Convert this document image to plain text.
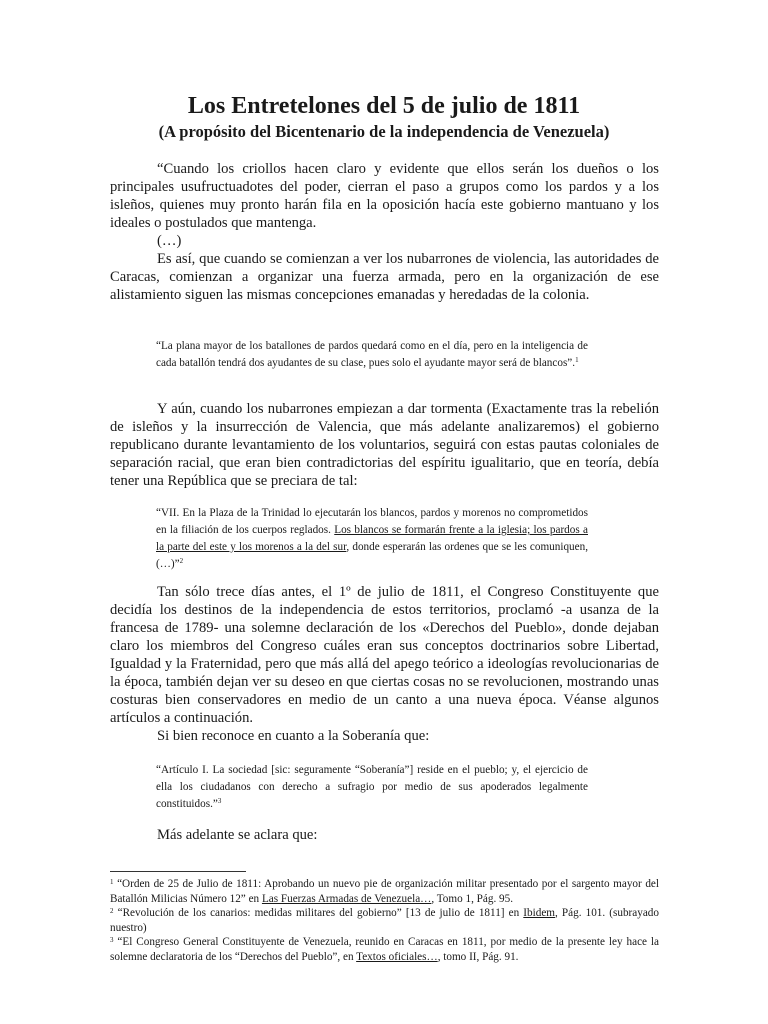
Los Entretelones del 5 de julio de 1811
(A propósito del Bicentenario de la independencia de Venezuela)

“Cuando los criollos hacen claro y evidente que ellos serán los dueños o los principales usufructuadotes del poder, cierran el paso a grupos como los pardos y a los isleños, quienes muy pronto harán fila en la oposición hacía este gobierno mantuano y los ideales o postulados que mantenga.

(…)

Es así, que cuando se comienzan a ver los nubarrones de violencia, las autoridades de Caracas, comienzan a organizar una fuerza armada, pero en la organización de ese alistamiento siguen las mismas concepciones emanadas y heredadas de la colonia.

“La plana mayor de los batallones de pardos quedará como en el día, pero en la inteligencia de cada batallón tendrá dos ayudantes de su clase, pues solo el ayudante mayor será de blancos”.$^1$

Y aún, cuando los nubarrones empiezan a dar tormenta (Exactamente tras la rebelión de isleños y la insurrección de Valencia, que más adelante analizaremos) el gobierno republicano durante levantamiento de los voluntarios, seguirá con estas pautas coloniales de separación racial, que eran bien contradictorias del espíritu igualitario, que en teoría, debía tener una República que se preciara de tal:

“VII. En la Plaza de la Trinidad lo ejecutarán los blancos, pardos y morenos no comprometidos en la filiación de los cuerpos reglados. Los blancos se formarán frente a la iglesia; los pardos a la parte del este y los morenos a la del sur, donde esperarán las ordenes que se les comuniquen,(…)”$^2$

Tan sólo trece días antes, el 1º de julio de 1811, el Congreso Constituyente que decidía los destinos de la independencia de estos territorios, proclamó -a usanza de la francesa de 1789- una solemne declaración de los «Derechos del Pueblo», donde dejaban claro los miembros del Congreso cuáles eran sus conceptos doctrinarios sobre Libertad, Igualdad y la Fraternidad, pero que más allá del apego teórico a ideologías revolucionarias de la época, también dejan ver su deseo en que ciertas cosas no se revolucionen, mostrando unas costuras bien conservadores en medio de un canto a una nueva época. Véanse algunos artículos a continuación.

Si bien reconoce en cuanto a la Soberanía que:

“Artículo I. La sociedad [sic: seguramente “Soberanía”] reside en el pueblo; y, el ejercicio de ella los ciudadanos con derecho a sufragio por medio de sus apoderados legalmente constituidos.”$^3$

Más adelante se aclara que:

$^1$ “Orden de 25 de Julio de 1811: Aprobando un nuevo pie de organización militar presentado por el sargento mayor del Batallón Milicias Número 12” en Las Fuerzas Armadas de Venezuela…, Tomo 1, Pág. 95.

$^2$ “Revolución de los canarios: medidas militares del gobierno” [13 de julio de 1811] en Ibidem, Pág. 101. (subrayado nuestro)

$^3$ “El Congreso General Constituyente de Venezuela, reunido en Caracas en 1811, por medio de la presente ley hace la solemne declaratoria de los “Derechos del Pueblo”, en Textos oficiales…, tomo II, Pág. 91.
